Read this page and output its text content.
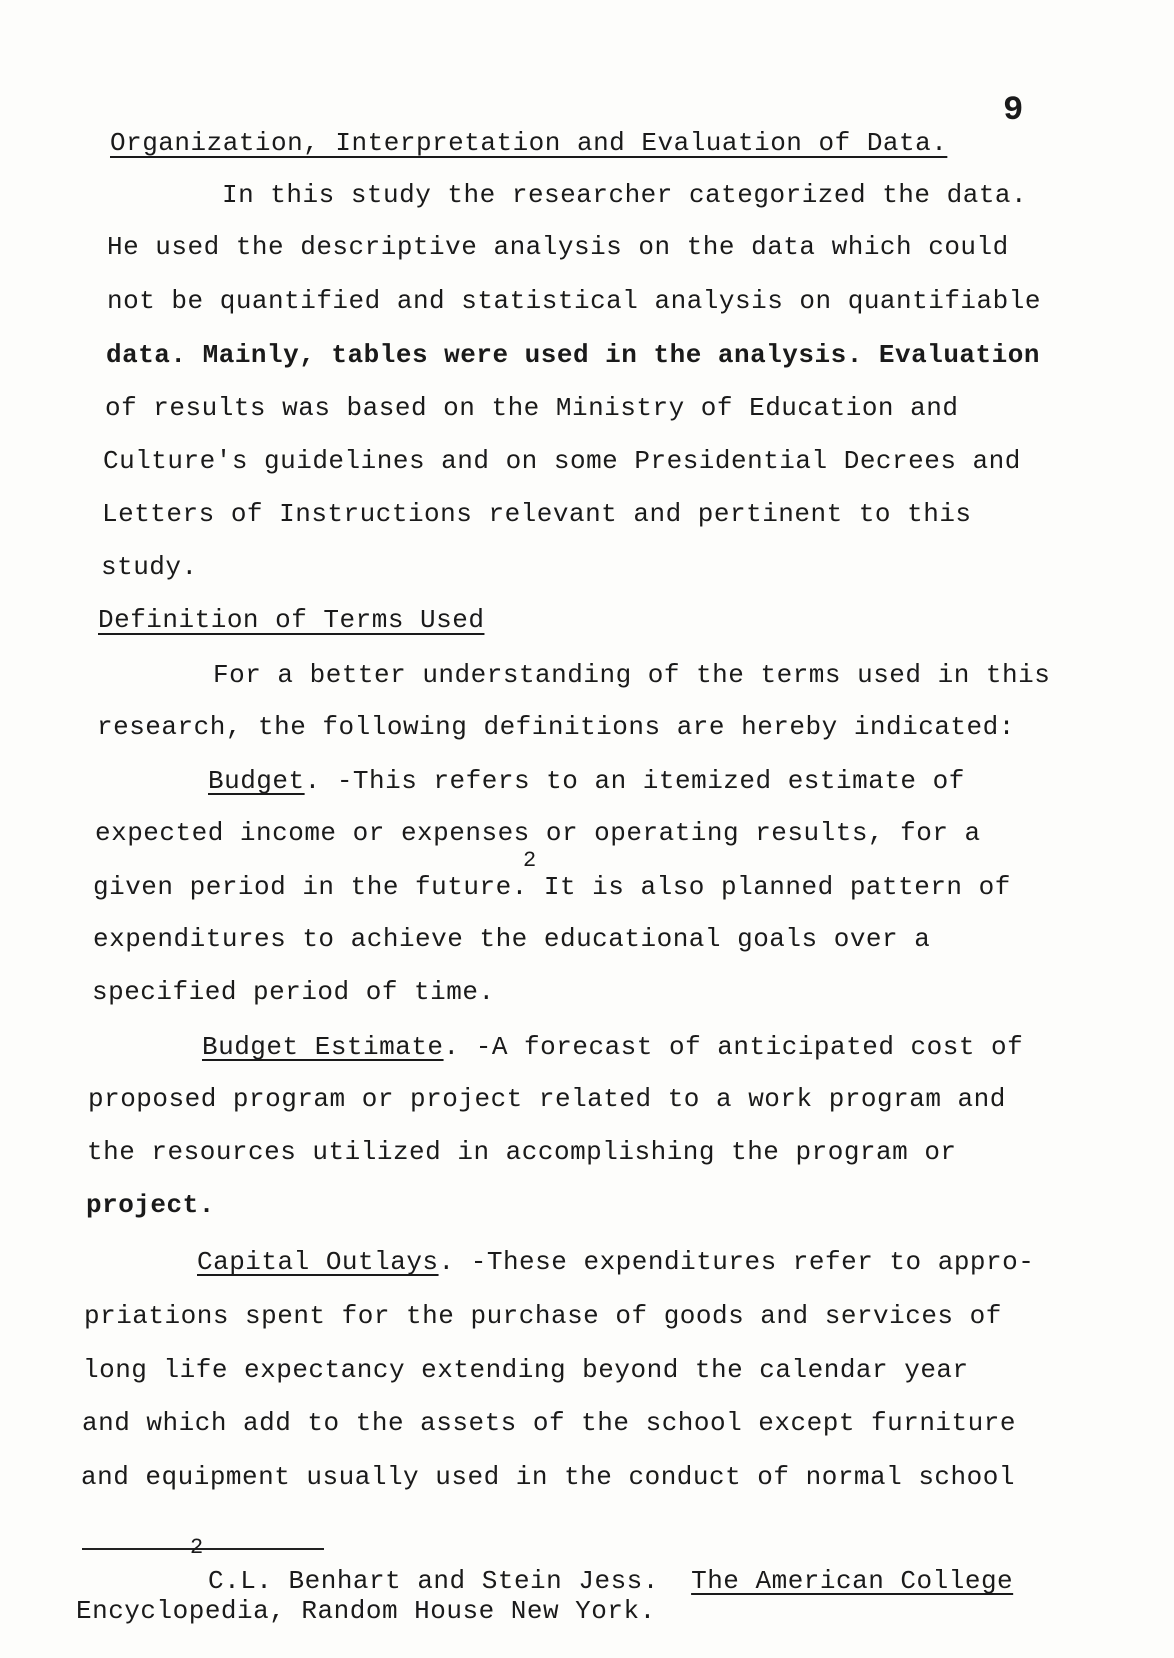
9
Organization, Interpretation and Evaluation of Data.
In this study the researcher categorized the data.
He used the descriptive analysis on the data which could
not be quantified and statistical analysis on quantifiable
data. Mainly, tables were used in the analysis. Evaluation
of results was based on the Ministry of Education and
Culture's guidelines and on some Presidential Decrees and
Letters of Instructions relevant and pertinent to this
study.
Definition of Terms Used
For a better understanding of the terms used in this
research, the following definitions are hereby indicated:
Budget. -This refers to an itemized estimate of
expected income or expenses or operating results, for a
2
given period in the future. It is also planned pattern of
expenditures to achieve the educational goals over a
specified period of time.
Budget Estimate. -A forecast of anticipated cost of
proposed program or project related to a work program and
the resources utilized in accomplishing the program or
project.
Capital Outlays. -These expenditures refer to appro-
priations spent for the purchase of goods and services of
long life expectancy extending beyond the calendar year
and which add to the assets of the school except furniture
and equipment usually used in the conduct of normal school
2
C.L. Benhart and Stein Jess. The American College
Encyclopedia, Random House New York.
